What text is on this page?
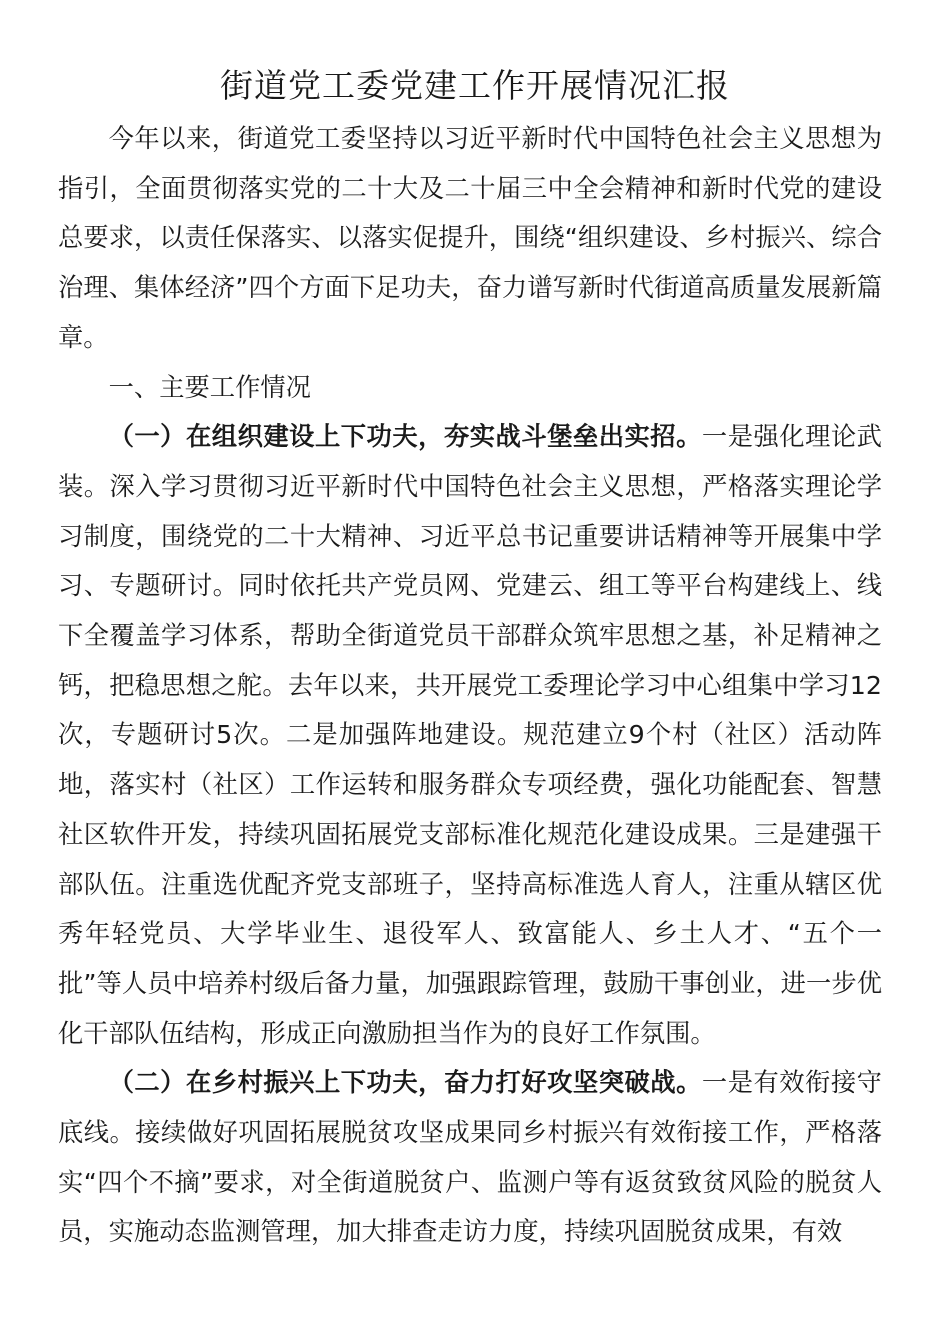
街道党工委党建工作开展情况汇报

今年以来，街道党工委坚持以习近平新时代中国特色社会主义思想为指引，全面贯彻落实党的二十大及二十届三中全会精神和新时代党的建设总要求，以责任保落实、以落实促提升，围绕“组织建设、乡村振兴、综合治理、集体经济”四个方面下足功夫，奋力谱写新时代街道高质量发展新篇章。

一、主要工作情况

（一）在组织建设上下功夫，夯实战斗堡垒出实招。一是强化理论武装。深入学习贯彻习近平新时代中国特色社会主义思想，严格落实理论学习制度，围绕党的二十大精神、习近平总书记重要讲话精神等开展集中学习、专题研讨。同时依托共产党员网、党建云、组工等平台构建线上、线下全覆盖学习体系，帮助全街道党员干部群众筑牢思想之基，补足精神之钙，把稳思想之舵。去年以来，共开展党工委理论学习中心组集中学习12次，专题研讨5次。二是加强阵地建设。规范建立9个村（社区）活动阵地，落实村（社区）工作运转和服务群众专项经费，强化功能配套、智慧社区软件开发，持续巩固拓展党支部标准化规范化建设成果。三是建强干部队伍。注重选优配齐党支部班子，坚持高标准选人育人，注重从辖区优秀年轻党员、大学毕业生、退役军人、致富能人、乡土人才、“五个一批”等人员中培养村级后备力量，加强跟踪管理，鼓励干事创业，进一步优化干部队伍结构，形成正向激励担当作为的良好工作氛围。

（二）在乡村振兴上下功夫，奋力打好攻坚突破战。一是有效衔接守底线。接续做好巩固拓展脱贫攻坚成果同乡村振兴有效衔接工作，严格落实“四个不摘”要求，对全街道脱贫户、监测户等有返贫致贫风险的脱贫人员，实施动态监测管理，加大排查走访力度，持续巩固脱贫成果，有效
